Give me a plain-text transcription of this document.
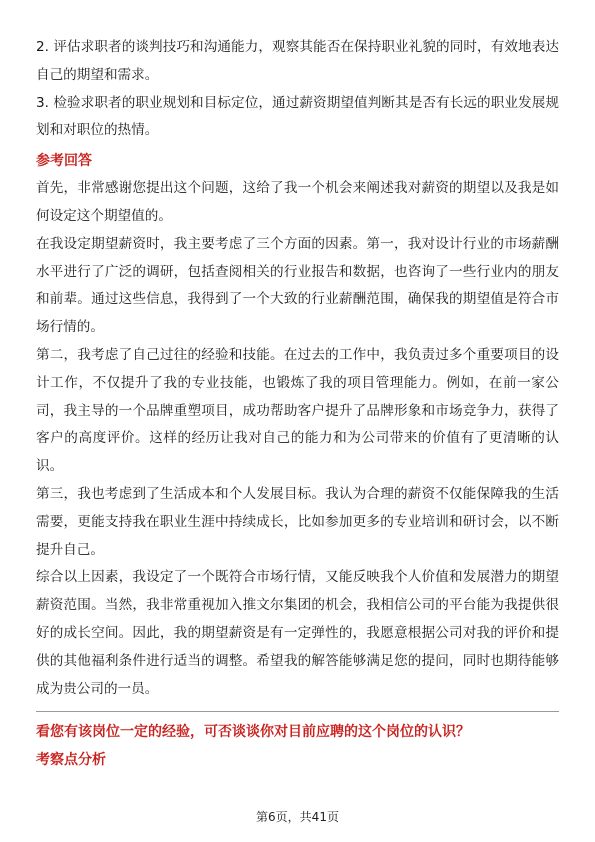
2. 评估求职者的谈判技巧和沟通能力，观察其能否在保持职业礼貌的同时，有效地表达自己的期望和需求。

3. 检验求职者的职业规划和目标定位，通过薪资期望值判断其是否有长远的职业发展规划和对职位的热情。

参考回答

首先，非常感谢您提出这个问题，这给了我一个机会来阐述我对薪资的期望以及我是如何设定这个期望值的。

在我设定期望薪资时，我主要考虑了三个方面的因素。第一，我对设计行业的市场薪酬水平进行了广泛的调研，包括查阅相关的行业报告和数据，也咨询了一些行业内的朋友和前辈。通过这些信息，我得到了一个大致的行业薪酬范围，确保我的期望值是符合市场行情的。

第二，我考虑了自己过往的经验和技能。在过去的工作中，我负责过多个重要项目的设计工作，不仅提升了我的专业技能，也锻炼了我的项目管理能力。例如，在前一家公司，我主导的一个品牌重塑项目，成功帮助客户提升了品牌形象和市场竞争力，获得了客户的高度评价。这样的经历让我对自己的能力和为公司带来的价值有了更清晰的认识。

第三，我也考虑到了生活成本和个人发展目标。我认为合理的薪资不仅能保障我的生活需要，更能支持我在职业生涯中持续成长，比如参加更多的专业培训和研讨会，以不断提升自己。

综合以上因素，我设定了一个既符合市场行情，又能反映我个人价值和发展潜力的期望薪资范围。当然，我非常重视加入推文尔集团的机会，我相信公司的平台能为我提供很好的成长空间。因此，我的期望薪资是有一定弹性的，我愿意根据公司对我的评价和提供的其他福利条件进行适当的调整。希望我的解答能够满足您的提问，同时也期待能够成为贵公司的一员。

看您有该岗位一定的经验，可否谈谈你对目前应聘的这个岗位的认识？
考察点分析
第6页，共41页
